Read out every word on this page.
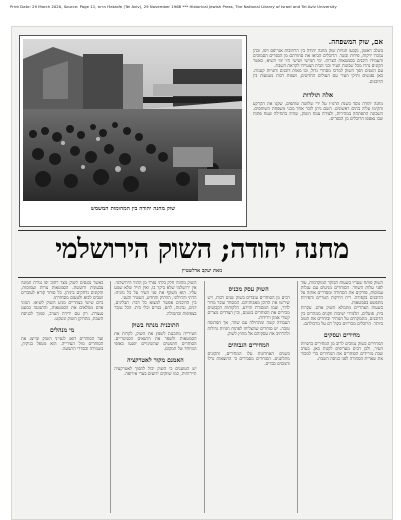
Print Date: 29 March 2020, Source: Page 11, חרות Hatzofe (Tel Aviv), 29 November 1968 *** Historical Jewish Press, The National Library of Israel and Tel Aviv University
שוק מחנה יהודה בין המהומות המשמש

אם, שוק המשפחה.

בשלב ראשון, נקבעו חנויות שוק מחנה יהודה בין הרחובות אגריפס ויפו, ובהן נמכרו ירקות, פירות ובשר. הרוכלים הביאו את סחורתם מן הכפרים הסמוכים והעמידו דוכנים בסמטאות הצרות. ימי חמישי ושישי היו ימי השיא, כאשר הקונים נהרו מכל שכונות העיר ובני הבית הצטיידו לקראת השבת.

עם השנים הפך השוק למרכז מסחרי גדול, ובו מאות דוכנים וחנויות קטנות. כאן נפגשים ותיקי העיר עם העולים החדשים, ושפות רבות נשמעות בין הדוכנים.

אלה תולדות

מחנה יהודה נוסד בשנת תרמ״ז על ידי שלושה שותפים, שקנו את הקרקע והקימו עליה בתים ראשונים. השם ניתן לזכר אחד מבני משפחת השותפים. השכונה התפתחה במהירות, ולצידה צמח השוק, שהיה בתחילה שטח פתוח שבו נאספו הרוכלים מן הכפרים.

מחנה יהודה; השוק הירושלמי
מאת יעקב אדלשטיין

השוק פותח שעריו בשעות הבוקר המוקדמות, עוד לפני עלות השחר. הסוחרים מגיעים עם עגלות עמוסות, פורקים את הסחורה ומסדרים אותה על הדוכנים בקפידה. ריח הירקות הטריים והפירות מתפשט בסמטאות.

בשעות הצהריים מתמלא השוק אדם. עקרות בית, פועלים, תלמידי ישיבות וזקנים ממהרים בין הדוכנים, מתמקחים על המחיר ובוחרים את הטוב ביותר. הרוכלים מכריזים בקול רם על מרכולתם.

מחירים ועסקים

המחירים בשוק נמוכים לרוב מן המחירים בחנויות העיר, ולכן רבים מעדיפים לקנות כאן. בערב שבת מורידים הסוחרים את המחירים כדי למכור את שארית הסחורה לפני כניסת השבת.

השוק עסק מכניס

רבים מן הסוחרים עובדים בשוק שנים רבות, ויש שירשו את הדוכן מאבותיהם. המסחר עובר מדור לדור, ועמו המסורת והידע. הלקוחות הקבועים מכירים את הסוחרים בשמם, ובין הצדדים נוצרים קשרי אמון וידידות.

העבודה קשה ומתחילה עם שחר, אך הפרנסה טובה. יש סוחרים שהצליחו לפתוח חנויות גדולות ולהרחיב את עסקיהם אל מחוץ לשוק.

המחירים הגבוהים

בשנים האחרונות עלו המחירים, והקונים מתלוננים. הסוחרים מסבירים כי ההוצאות גדלו והמסים כבדים.

השוק מהווה חלק בלתי נפרד מן ההווי הירושלמי. אין ירושלמי שלא ביקר בו, ואין תייר שלא שמע עליו. הוא משקף את פני העיר על כל גווניה: הדתי והחילוני, הוותיק והחדש, העשיר והעני.

בין הדוכנים אפשר למצוא כל דבר: תבלינים, דגים, גבינות, לחם, בגדים וכלי בית. הכל נמכר בצפיפות ובהמולה.

התוכנית מנתח בשוק

העירייה מתכננת לשפץ את השוק, לקרות את הסמטאות ולשפר את התנאים הסניטריים. הסוחרים חוששים שהשינויים יפגעו באופי המיוחד של המקום.

האמנם מקור לאטרקציה

יש הטוענים כי השוק יכול להפוך לאטרקציה תיירותית, כמו שווקים ידועים בערי אירופה.

כאשר נכנסים לשוק מצד רחוב יפו נגלית תמונה צבעונית ורועשת. הסמטאות צרות ועמוסות, והקונים נדחקים ביניהן. כל סוחר קורא לעוברים ושבים לבוא ולטעום מסחורתו.

ביום שישי בצהריים מגיע השוק לשיאו. המוני אדם ממלאים את הסמטאות, והתנועה כמעט נעצרת. רק עם ירידת הערב, סמוך לכניסת השבת, מתרוקן השוק ונשקט.

מי מנהלים

ועד הסוחרים דואג לענייני השוק ומייצג את הסוחרים מול העירייה. הוא מטפל בניקיון, בשמירה ובסדרי התנועה.
